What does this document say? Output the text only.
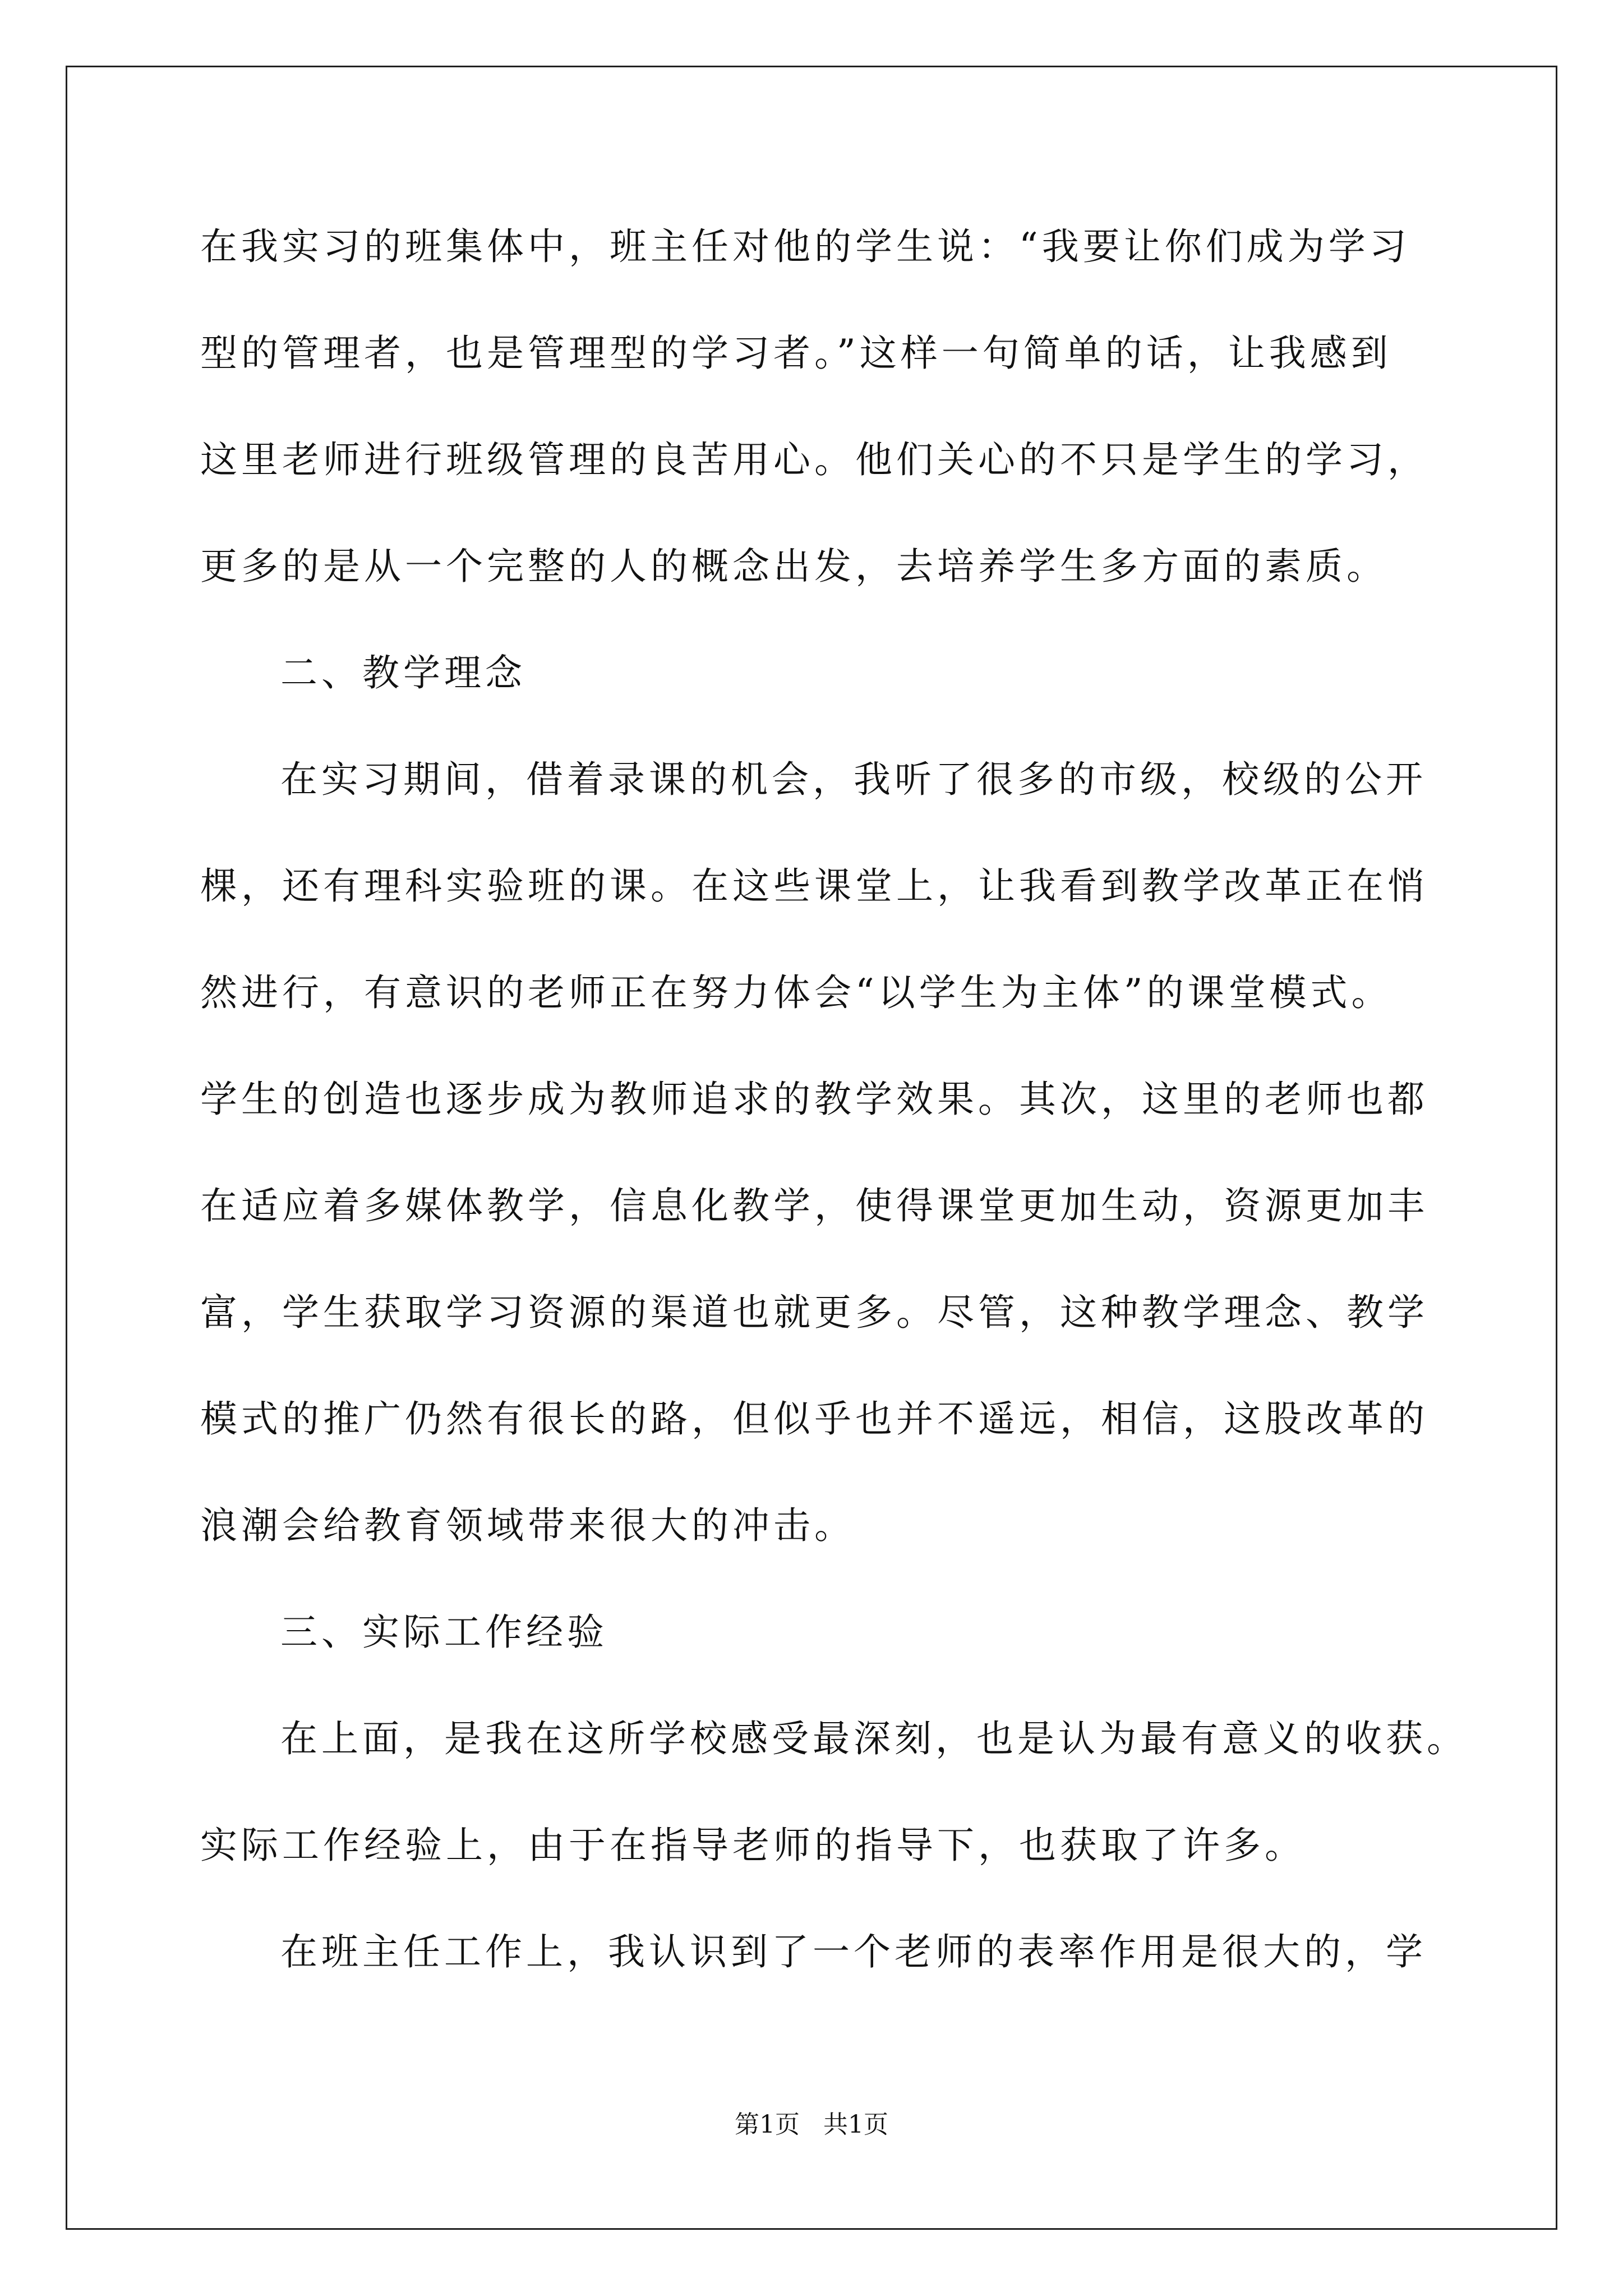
在我实习的班集体中，班主任对他的学生说：“我要让你们成为学习
型的管理者，也是管理型的学习者。”这样一句简单的话，让我感到
这里老师进行班级管理的良苦用心。他们关心的不只是学生的学习，
更多的是从一个完整的人的概念出发，去培养学生多方面的素质。
二、教学理念
在实习期间，借着录课的机会，我听了很多的市级，校级的公开
棵，还有理科实验班的课。在这些课堂上，让我看到教学改革正在悄
然进行，有意识的老师正在努力体会“以学生为主体”的课堂模式。
学生的创造也逐步成为教师追求的教学效果。其次，这里的老师也都
在适应着多媒体教学，信息化教学，使得课堂更加生动，资源更加丰
富，学生获取学习资源的渠道也就更多。尽管，这种教学理念、教学
模式的推广仍然有很长的路，但似乎也并不遥远，相信，这股改革的
浪潮会给教育领域带来很大的冲击。
三、实际工作经验
在上面，是我在这所学校感受最深刻，也是认为最有意义的收获。
实际工作经验上，由于在指导老师的指导下，也获取了许多。
在班主任工作上，我认识到了一个老师的表率作用是很大的，学
第1页   共1页
